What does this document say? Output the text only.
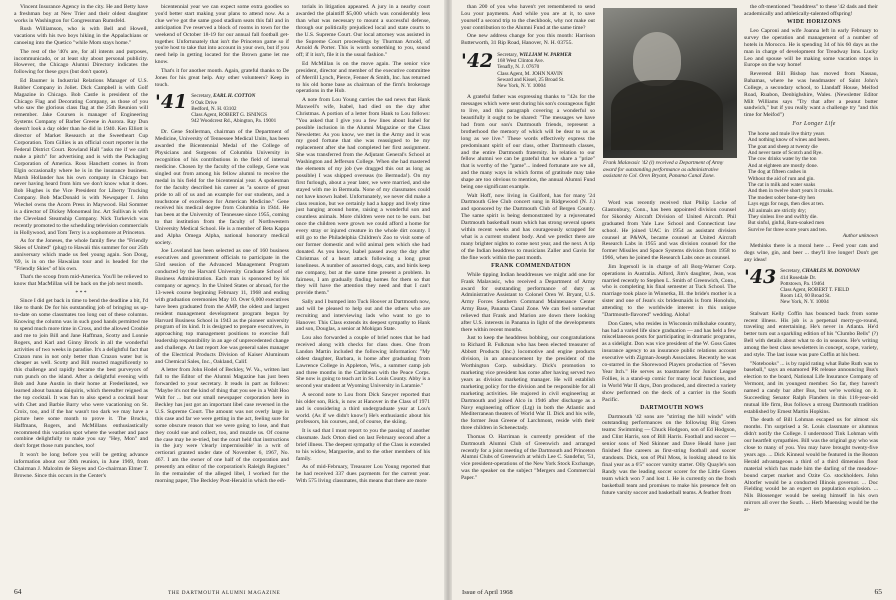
Vincent Insurance Agency in the city. He and Betty have a freshman boy at New Trier and their oldest daughter works in Washington for Congressman Rumsfeld.

Rush Williamson, who is with Bell and Howell, vacations with his two boys hiking in the Appalachians or canoeing into the Quetico "while Mom stays home."

The rest of the '40's are, for all intents and purposes, incommunicado, or at least shy about personal publicity. However, the Chicago Alumni Directory indicates the following for these guys (but don't quote).

Ed Baumer is Industrial Relations Manager of U.S. Rubber Company in Joliet. Dick Campbell is with Golf Magazine in Chicago. Bob Castle is president of the Chicago Flag and Decorating Company, as those of you who saw the glorious class flag at the 25th Reunion will remember. Jake Coursen is manager of Engineering Systems Company of Barber Greene in Aurora. Ray Dun doesn't look a day older than he did in 1940. Ken Elliott is director of Market Research at the Sweetheart Cup Corporation. Tom Gillies is an official court reporter in the Federal District Court. Rowland Hall "asks me if we can't make a pitch" for advertising and is with the Packaging Corporation of America. Ross Hanchett comes in from Elgin occasionally where he is in the insurance business. Marsh Hollander has his own company in Chicago but never having heard from him we don't know what it does. Bob Hughes is the Vice President for Liberty Trucking Company. Bob MacDonald is with Newspaper I. John Wiechel owns the Acorn Press in Maywood. Hal Sommer is a director of Dickey Monomeal Inc. Art Sullivan is with the Cleveland Steamship Company. Nick Turkevich was recently promoted to the scheduling television commercials in Hollywood, and Tom Terry is a sophomore at Princeton.

As for the Joneses, the whole family flew the "Friendly Skies of United" (plug) to Hawaii this summer for our 25th anniversary which made us feel young again. Son Doug, '69, is in on the Hawaiian tour and is headed for the "Friendly Skies" of his own.

That's the scoop from mid-America. You'll be relieved to know that MacMillan will be back on the job next month.

* * *

Since I did get back in time to bend the deadline a bit, I'd like to thank De for his outstanding job of bringing us up-to-date on some classmates too long out of these columns. Knowing the column was in such good hands permitted me to spend much more time in Cross, and the allowed Crosbie and me to join Bill and Jane Haffman, Scotty and Lonnie Rogers, and Karl and Ginny Brock in all the wonderful activities of two weeks in paradise. It's a delightful fact that Crazon runs in not only better than Crazon water but is cheaper as well. Scotty and Bill reacted magnificently to this challenge and rapidly became the best purveyors of rum punch on the island. After a delightful evening with Bob and June Austin in their home at Frederiksted, we learned about banana daiquiris, which thereafter reigned as the top cocktail. It was fun to also spend a cocktail hour with Chet and Barbie Barry who were vacationing on St. Croix, too, and if the bar wasn't too dark we may have a picture here some month to prove it. The Brucks, Haffmans, Rogers, and McMillans enthusiastically recommend this vacation spot where the weather and pace combine delightfully to make you say "Hey, Mon" and don't forget those rum punches, too!

It won't be long before you will be getting advance information about our 30th reunion, in June 1969, from Chairman J. Malcolm de Sieyes and Co-chairman Elmer T. Browne. Since this occurs in the Center's

bicentennial year we can expect some extra goodies so you'd better start making your plans to attend now. As a clue we've got the same good stadium seats this fall and in anticipation I've reserved a block of rooms in town for the weekend of October 18-19 for our annual fall football get-together. Unfortunately that isn't the Princeton game so if you're host to take that into account in your own, but if you need help in getting located for the Brown game let me know.

That's it for another month. Again, grateful thanks to De Jones for his great help. Any other volunteers? Keep in touch.

'41 Secretary, EARL H. COTTON
9 Oak Drive
Bedford, N. H. 03102
Class Agent, ROBERT G. ISNINGS
942 Woodcrest Rd., Abington, Pa. 19001

Dr. Gene Stollerman, chairman of the Department of Medicine, University of Tennessee Medical Units, has been awarded the Bicentennial Medal of the College of Physicians and Surgeons of Columbia University in recognition of his contributions in the field of internal medicine. Chosen by the faculty of the college, Gene was singled out from among his fellow alumni to receive the medal in his field for the bicentennial year. A spokesman for the faculty described his career as "a source of great pride to all of us and an example for our students, and a touchstone of excellence for American Medicine." Gene received his medical degree from Columbia in 1944. He has been at the University of Tennessee since 1955, coming to that institution from the faculty of Northwestern University Medical School. He is a member of Beta Kappa and Alpha Omega Alpha, national honorary medical society.

Joe Loveland has been selected as one of 160 business executives and government officials to participate in the 53rd session of the Advanced Management Program conducted by the Harvard University Graduate School of Business Administration. Each man is sponsored by his company or agency. In the United States or abroad, for the 13-week course beginning February 11, 1968 and ending with graduation ceremonies May 10. Over 6,000 executives have been graduated from the AMP, the oldest and largest resident management development program begun by Harvard Business School in 1943 as the pioneer university program of its kind. It is designed to prepare executives, in approaching top management positions to exercise full leadership responsibility in an age of unprecedented change and challenge. At last report Joe was general sales manager of the Electrical Products Division of Kaiser Aluminum and Chemical Sales, Inc., Oakland, Calif.

A letter from John Hodel of Beckley, W. Va., written last fall to the Editor of the Alumni Magazine has just been forwarded to your secretary. It reads in part as follows: "Maybe it's not the kind of thing that you see in a Walt Hoo Walt for ... but our small newspaper corporation here in Beckley has just got an important libel case reversed in the U.S. Supreme Court. The amount was not overly large in this case and far we were getting in the act, feeling sure for some obscure reason that we were going to lose, and that they could sue and collect, too, and muzzle us. Of course the case may be re-tried, but the court held that instructions in the jury were 'clearly impermissible' in a writ of certiorari granted under date of November 6, 1967, No. 467. I am the owner of one half of the corporation and presently am editor of the corporation's Raleigh Register." In the remainder of the alleged libel, I worked for the morning paper, The Beckley Post-Herald in which the edi-

torials in litigation appeared. A jury in a nearby court awarded the plaintiff $5,000 which was considerably less than what was necessary to mount a successful defense, through our politically prejudiced local and state courts to the U.S. Supreme Court. Our local attorney was assisted in the Supreme Court proceedings by Thurman Arnold, of Arnold & Porter. This is worth something to you, sound off; if it isn't, file it in the usual fashion."

Ed McMillan is on the move again. The senior vice president, director and member of the executive committee of Merrill Lynch, Pierce, Fenner & Smith, Inc. has returned to his old home base as chairman of the firm's brokerage operations in the Hub.

A note from Lou Young carries the sad news that Hank Maxwell's wife, Isabel, had died on the day after Christmas. A portion of a letter from Hank to Lou follows: "You asked that I give you a few lines about Isabel for possible inclusion in the Alumni Magazine or the Class Newsletter. As you know, we met in the Army and it was my good fortune that she was reassigned to be my replacement after she had completed her first assignment. She was transferred from the Adjutant General's School at Washington and Jefferson College. When she had mastered the elements of my job (we dragged this out as long as possible) I was shipped overseas (to Bermuda!). On my first furlough, about a year later, we were married, and she stayed with me in Bermuda. None of my classmates could not have known Isabel. Unfortunately, we never did make a class reunion, but we certainly had a happy and lively time just hanging around home, raising a wonderful son and countless animals. More children were not to be ours. but once the children were grown we could afford a home for every stray or injured creature in the whole dirt county. I still go to the Philadelphia Children's Zoo to visit some of our former domestic and wild animal pets which she had donated. As you know, Isabel passed away the day after Christmas of a heart attack following a long great loneliness. A number of assorted dogs, cats, and birds keep me company, but at the same time present a problem. In fairness, I am gradually finding homes for them so that they will have the attention they need and that I can't provide them."

Sally and I bumped into Tuck Hoover at Dartmouth now, and will be pleased to help out and the others who are recruiting and interviewing lads who want to go to Hanover. This Class extends its deepest sympathy to Hank and son, Douglas, a senior at Mohigan State.

Lou also forwarded a couple of brief notes that he had received along with checks for class dues. One from Landon Martin included the following information: "My oldest daughter, Barbara, is home after graduating from Lawrence College in Appleton, Wis., a summer camp job and three months in the Caribbean with the Peace Corps. She now is going to teach art in St. Louis County. Abby is a second year student at Wyoming University in Laramie."

A second note to Lou from Dick Sawyer reported that his older son, Rick, is now at Hanover in the Class of 1971 and is considering a third undergraduate year at Lou's world. (As if we didn't know!) He's enthusiastic about his professors, his courses, and, of course, the skiing.

It is sad that I must report to you the passing of another classmate. Jack Orton died on last February second after a brief illness. The deepest sympathy of the Class is extended to his widow, Marguerite, and to the other members of his family.

As of mid-February, Treasurer Lou Young reported that he had received 337 dues payments for the current year. With 575 living classmates, this means that there are more

64	THE DARTMOUTH ALUMNI MAGAZINE

than 200 of you who haven't yet remembered to send Lou your payments. And while you are at it, to save yourself a second trip to the checkbook, why not make out your contribution to the Alumni Fund at the same time?

One new address change for you this month: Harrison Butterworth, 31 Rip Road, Hanover, N. H. 03755.

'42 Secretary, WILLIAM W. PARMER
168 West Clinton Ave.
Tenafly, N. J. 07670
Class Agent, M. JOHN NAVIN
Seward and Kissel, 25 Broad St.
New York, N. Y. 10004

A grateful father was expressing thanks to "42s for the messages which were sent during his son's courageous fight to live, and this paragraph covering a wonderful so beautifully it ought to be shared: "The messages we have had from our son's Dartmouth friends, represent a brotherhood the memory of which will be dear to us as long as we live." These words effectively express the predominant spirit of our class, other Dartmouth classes, and the entire Dartmouth fraternity. In relation to our fellow alumni we can be grateful that we share a "prize" that is worthy of the "game"... indeed fortunate are we all, and the many ways in which forms of gratitude may take shape are too obvious to mention, the annual Alumni Fund being one significant example.

Walt Hoff, now living in Guilford, has for many '24 Dartmouth Glee Club concert sung in Ridgewood (N. J.) and sponsored by the Dartmouth Club of Bergen County. The same spirit is being demonstrated by a rejuvenated Dartmouth basketball team which has strong several upsets within recent weeks and has courageously scrapped for what is a current student body. And we predict there are many brighter nights to come next year, and the next. A tip of the Indian headdress to musicians Zaller and Gavin for the fine work within the past month.

FRANK COMMENDATION

While tipping Indian headdresses we might add one for Frank Malavasic, who received a Department of Army award for outstanding performance of duty as Administrative Assistant to Colonel Oren W. Bryant, U.S. Army Forces Southern Command Maintenance Center Army Base, Panama Canal Zone. We can feel somewhat relieved that Frank and Marion are down there looking after U.S. interests in Panama in light of the developments there within recent months.

Just to keep the headdress bobbing, our congratulations to Richard B. Fulkman who has been elected treasurer of Abbott Products (Inc.) locomotive and engine products division, in an announcement by the president of the Worthington Corp. subsidiary. Dick's promotion to marketing vice president has come after having served two years as division marketing manager. He will establish marketing policy for the division and be responsible for all marketing activities. He majored in civil engineering at Dartmouth and joined Alco in 1946 after discharge as a Navy engineering officer (Ltg) in both the Atlantic and Mediterranean theaters of World War II. Dick and his wife, the former Jean Greene of Larchmont, reside with their three children in Schenectady.

Thomas O. Harriman is currently president of the Dartmouth Alumni Club of Greenwich and arranged recently for a joint meeting of the Dartmouth and Princeton Alumni Clubs of Greenwich at which Lee C. Sandefur, '51, vice president-operations of the New York Stock Exchange, was the speaker on the subject "Mergers and Commercial Paper."

Frank Malavasic '42 (l) received a Department of Army award for outstanding performance as administrative assistant to Col. Oren Bryant, Panama Canal Zone.

Word was recently received that Philip Locke of Glastonbury, Conn., has been appointed division counsel for Sikorsky Aircraft Division of United Aircraft. Phil graduated from Yale Law School and Connecticut law school. He joined UAC in 1954 as assistant division counsel at P&WA, became counsel at United Aircraft Research Labs in 1955 and was division counsel for the former Missiles and Space Systems division from 1958 to 1966, when he joined the Research Labs once as counsel.

Jim Ingersoll is in charge of all Borg-Warner Corp. operations in Australia. Alford, Jim's daughter, Jean, was married recently to Stephen L. Smith of Greenwich, Conn., who is completing his final semester at Tuck School. The marriage took place in Winnetka, Ill. the bride's mother is a sister and one of Jean's six bridesmaids is from Honolulu, attending to the worldwide interest in this unique "Dartmouth-flavored" wedding. Aloha!

Don Gates, who resides in Wisconsin milkshake country, has had a varied life since graduation — and has held a few miscellaneous posts for participating in dramatic programs, as a sidelight. Don was vice president of the W. Goss Gates insurance agency to an insurance public relations account executive with Zigman-Joseph Associates. Recently he was co-starred in the Shorewood Players production of "Seven Year Itch." He serves as toastmaster for Junior League Follies, is a stand-up comic for many local functions, and in World War II days, Don produced, and directed a variety show performed on the deck of a carrier in the South Pacific.

DARTMOUTH NOWS

Dartmouth '42 sons are "stirring the hill winds" with outstanding performances on the following Big Green teams: Swimming — Chuck Hodgson, son of Ed Hodgson, and Clint Harris, son of Bill Harris. Football and soccer — senior sons of Ned Skinner and Dave Heald have just finished fine careers as first-string football and soccer standouts. Dick, son of Phil Moss, is looking ahead to his final year as a 6'5" soccer varsity starter. Olly Quayle's son Randy was the leading soccer scorer for the Little Green team which won 7 and lost 1. He is currently on the frosh basketball team and promises to make his presence felt on future varsity soccer and basketball teams. A feather from

the oft-mentioned "headdress" to these '42 dads and their academically and athletically-talented offspring!

WIDE HORIZONS

Leo Caproni and wife Joanna left in early February to survey the operation and management of a number of hotels in Morocco. He is spending 34 of his 60 days as the man in charge of development for Treadway Inns. Lucky Leo and spouse will be making some vacation stops in Europe on the way home!

Reverend Bill Bishop has moved from Nassau, Bahamas, where he was headmaster of Saint John's College, a secondary school, to Llandaff House, Meifod Road, Ruabon, Denbighshire, Wales. (Newsletter Editor Milt Williams says "Try that after a peanut butter sandwich," but if you really want a challenge try "and this time for Meifod")

For Longer Life

The horse and mule live thirty years
And nothing know of wines and beers.
The goat and sheep at twenty die
And never taste of Scotch and Rye.
The cow drinks water by the ton
And at eighteen are mostly done.
The dog at fifteen cashes in
Without the aid of rum and gin.
The cat in milk and water soaks
And then in twelve short years it croaks.
The modest sober bone-dry hen
Lays eggs for nogs, then dies at ten.
All animals are strictly dry;
They sinless live and swiftly die.
But sinful, ginful, Rum-soaked men
Survive for three score years and ten.
Author unknown

Methinks there is a moral here ... Feed your cats and dogs wine, gin, and beer ... they'll live longer! Don't get any ideas!

'43 Secretary, CHARLES M. DONOVAN
414 Rosedale Dr.
Pottstown, Pa. 19464
Class Agent, ROBERT T. FIELD
Room 143, 60 Broad St.
New York, N. Y. 10004

Stalwart Kelly Coffin has bounced back from some recent illness. His job is a perpetual merry-go-round, traveling and entertaining. He's never in Atlanta. He'd better turn out a sparkling edition of his "Clumbo Bells" (?) Bell with details about what to do in seasons. He's writing among the best class newsletters in concept, scope, variety, and style. The last issue was pure Coffin at his best.

"Notebooks" ... is by rapid rating what Babe Ruth was to baseball," says an enamored PR release announcing Bus's election to the board, National Life Insurance Company of Vermont, and its youngest member. So far, they haven't named a candy bar after Bus, but we're working on it. Succeeding Senator Ralph Flanders in this 118-year-old mutual life firm, Bus follows a strong Dartmouth tradition established by Ernest Martin Hopkins.

The death of Bill Lohman escaped us for almost six months. I'm surprised a St. Louis classmate or alumnus didn't notify the College. I understood Tink Lohman with our heartfelt sympathies. Bill was the original guy who was close to many of you. You may have brought twenty-five years ago. ... Dick Kinneal would be featured in the Boston Herald advantageous a third of a third dimension floor material which has made him the darling of the meadow-bound carpet market and Ozite Co. stockholders. John Altorfer would be a conducted Illinois governor. ... Doc Fielding would be an expert on population explosion. ... Nils Blossenger would be seeing himself in his own mirrors all over the South. ... Herb Muensing would be the ar-

Issue of April 1968	65
